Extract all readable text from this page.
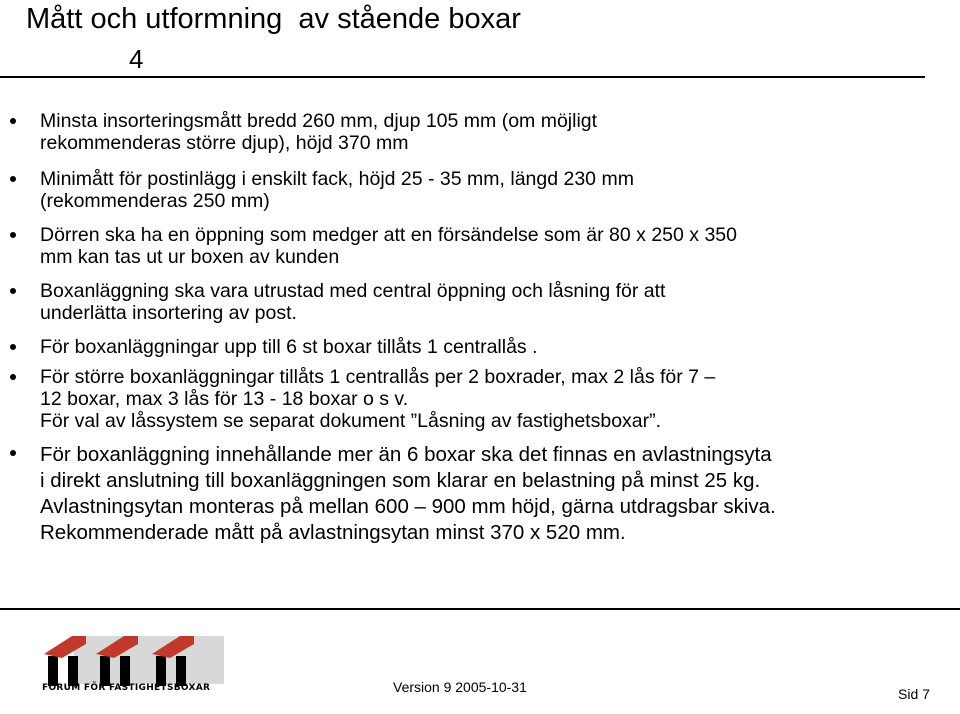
Mått och utformning  av stående boxar
4
Minsta insorteringsmått bredd 260 mm, djup 105 mm (om möjligt
rekommenderas större djup), höjd 370 mm
Minimått för postinlägg i enskilt fack, höjd 25 - 35 mm, längd 230 mm
(rekommenderas 250 mm)
Dörren ska ha en öppning som medger att en försändelse som är 80 x 250 x 350
mm kan tas ut ur boxen av kunden
Boxanläggning ska vara utrustad med central öppning och låsning för att
underlätta insortering av post.
För boxanläggningar upp till 6 st boxar tillåts 1 centrallås .
För större boxanläggningar tillåts 1 centrallås per 2 boxrader, max 2 lås för 7 –
12 boxar, max 3 lås för 13 - 18 boxar o s v.
För val av låssystem se separat dokument ”Låsning av fastighetsboxar”.
För boxanläggning innehållande mer än 6 boxar ska det finnas en avlastningsyta
i direkt anslutning till boxanläggningen som klarar en belastning på minst 25 kg.
Avlastningsytan monteras på mellan 600 – 900 mm höjd, gärna utdragsbar skiva.
Rekommenderade mått på avlastningsytan minst 370 x 520 mm.
FORUM FÖR FASTIGHETSBOXAR	Version 9 2005-10-31	Sid 7
